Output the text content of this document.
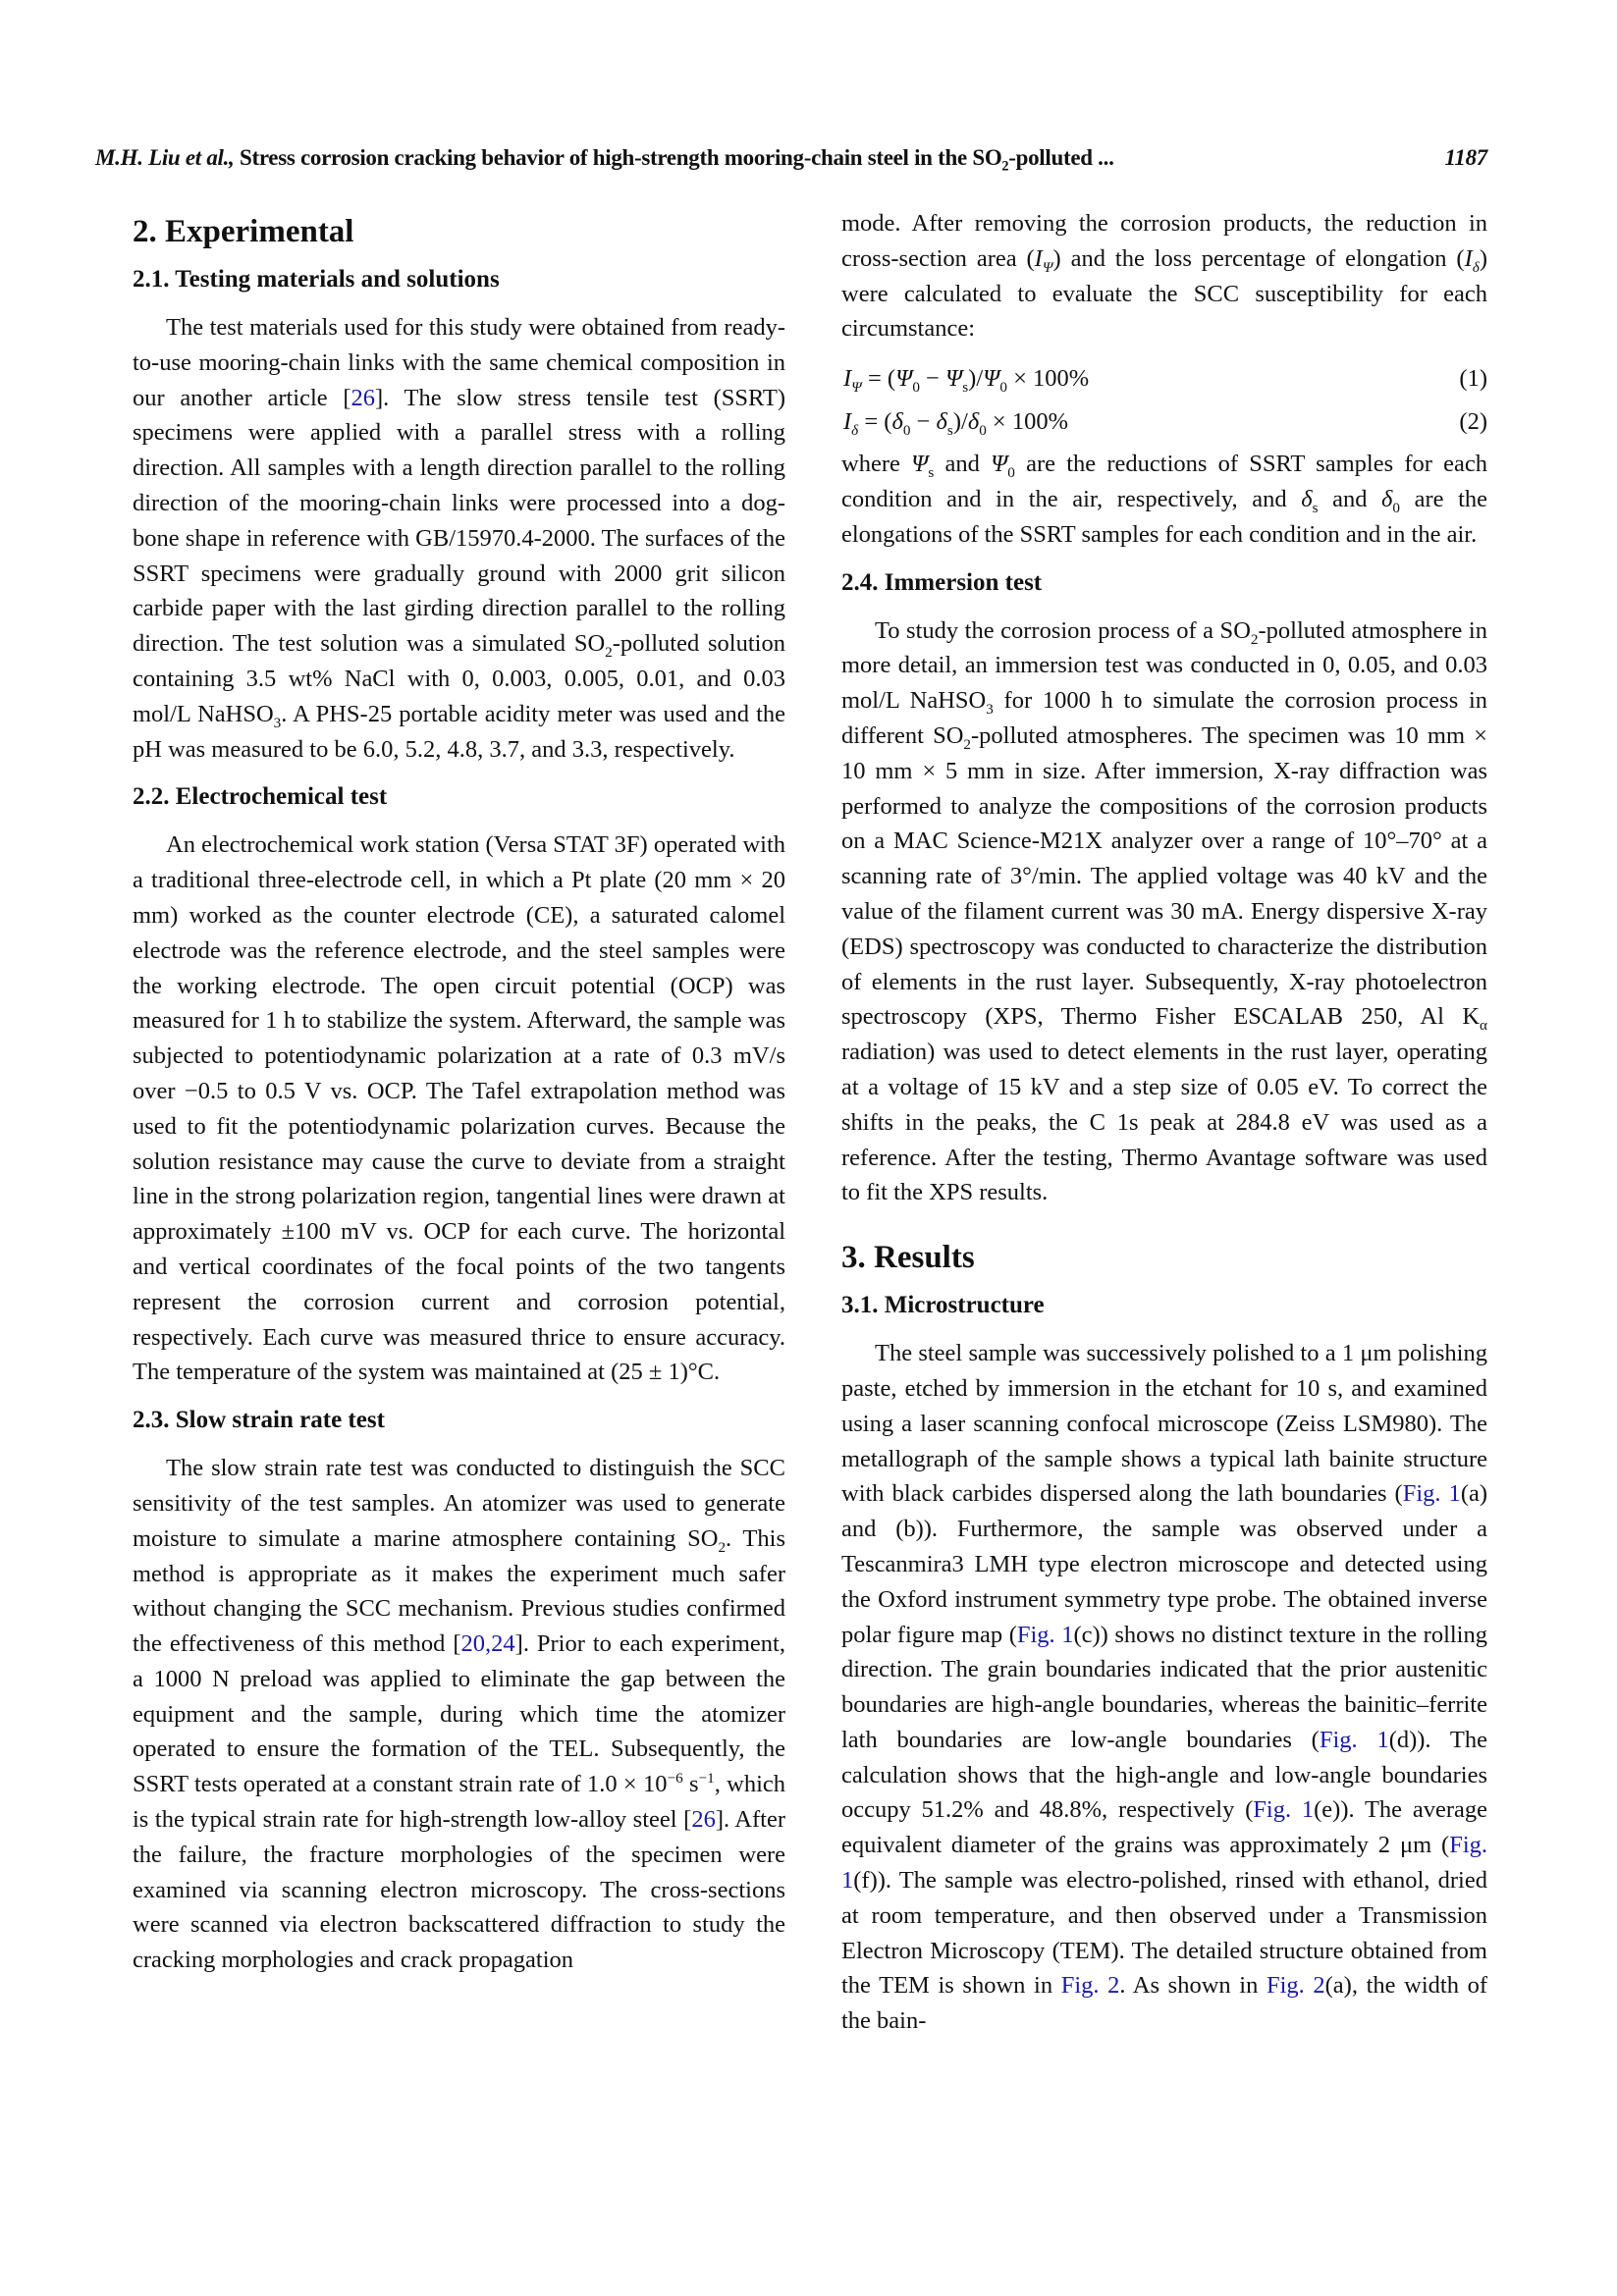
M.H. Liu et al., Stress corrosion cracking behavior of high-strength mooring-chain steel in the $SO_2$-polluted ...	1187
2. Experimental
2.1. Testing materials and solutions

The test materials used for this study were obtained from ready-to-use mooring-chain links with the same chemical composition in our another article [26]. The slow stress tensile test (SSRT) specimens were applied with a parallel stress with a rolling direction. All samples with a length direction parallel to the rolling direction of the mooring-chain links were processed into a dog-bone shape in reference with GB/15970.4-2000. The surfaces of the SSRT specimens were gradually ground with 2000 grit silicon carbide paper with the last girding direction parallel to the rolling direction. The test solution was a simulated $SO_2$-polluted solution containing 3.5 wt% NaCl with 0, 0.003, 0.005, 0.01, and 0.03 mol/L NaHSO$_3$. A PHS-25 portable acidity meter was used and the pH was measured to be 6.0, 5.2, 4.8, 3.7, and 3.3, respectively.

2.2. Electrochemical test

An electrochemical work station (Versa STAT 3F) operated with a traditional three-electrode cell, in which a Pt plate (20 mm × 20 mm) worked as the counter electrode (CE), a saturated calomel electrode was the reference electrode, and the steel samples were the working electrode. The open circuit potential (OCP) was measured for 1 h to stabilize the system. Afterward, the sample was subjected to potentiodynamic polarization at a rate of 0.3 mV/s over −0.5 to 0.5 V vs. OCP. The Tafel extrapolation method was used to fit the potentiodynamic polarization curves. Because the solution resistance may cause the curve to deviate from a straight line in the strong polarization region, tangential lines were drawn at approximately ±100 mV vs. OCP for each curve. The horizontal and vertical coordinates of the focal points of the two tangents represent the corrosion current and corrosion potential, respectively. Each curve was measured thrice to ensure accuracy. The temperature of the system was maintained at (25 ± 1)°C.

2.3. Slow strain rate test

The slow strain rate test was conducted to distinguish the SCC sensitivity of the test samples. An atomizer was used to generate moisture to simulate a marine atmosphere containing $SO_2$. This method is appropriate as it makes the experiment much safer without changing the SCC mechanism. Previous studies confirmed the effectiveness of this method [20,24]. Prior to each experiment, a 1000 N preload was applied to eliminate the gap between the equipment and the sample, during which time the atomizer operated to ensure the formation of the TEL. Subsequently, the SSRT tests operated at a constant strain rate of $1.0 \times 10^{-6}$ $s^{-1}$, which is the typical strain rate for high-strength low-alloy steel [26]. After the failure, the fracture morphologies of the specimen were examined via scanning electron microscopy. The cross-sections were scanned via electron backscattered diffraction to study the cracking morphologies and crack propagation

mode. After removing the corrosion products, the reduction in cross-section area $(I_\Psi)$ and the loss percentage of elongation $(I_\delta)$ were calculated to evaluate the SCC susceptibility for each circumstance:

$I_\Psi = (\Psi_0 - \Psi_s)/\Psi_0 \times 100\%$	(1)
$I_\delta = (\delta_0 - \delta_s)/\delta_0 \times 100\%$	(2)

where $\Psi_s$ and $\Psi_0$ are the reductions of SSRT samples for each condition and in the air, respectively, and $\delta_s$ and $\delta_0$ are the elongations of the SSRT samples for each condition and in the air.

2.4. Immersion test

To study the corrosion process of a $SO_2$-polluted atmosphere in more detail, an immersion test was conducted in 0, 0.05, and 0.03 mol/L NaHSO$_3$ for 1000 h to simulate the corrosion process in different $SO_2$-polluted atmospheres. The specimen was 10 mm × 10 mm × 5 mm in size. After immersion, X-ray diffraction was performed to analyze the compositions of the corrosion products on a MAC Science-M21X analyzer over a range of 10°–70° at a scanning rate of 3°/min. The applied voltage was 40 kV and the value of the filament current was 30 mA. Energy dispersive X-ray (EDS) spectroscopy was conducted to characterize the distribution of elements in the rust layer. Subsequently, X-ray photoelectron spectroscopy (XPS, Thermo Fisher ESCALAB 250, Al $K_\alpha$ radiation) was used to detect elements in the rust layer, operating at a voltage of 15 kV and a step size of 0.05 eV. To correct the shifts in the peaks, the C 1s peak at 284.8 eV was used as a reference. After the testing, Thermo Avantage software was used to fit the XPS results.

3. Results
3.1. Microstructure

The steel sample was successively polished to a 1 μm polishing paste, etched by immersion in the etchant for 10 s, and examined using a laser scanning confocal microscope (Zeiss LSM980). The metallograph of the sample shows a typical lath bainite structure with black carbides dispersed along the lath boundaries (Fig. 1(a) and (b)). Furthermore, the sample was observed under a Tescanmira3 LMH type electron microscope and detected using the Oxford instrument symmetry type probe. The obtained inverse polar figure map (Fig. 1(c)) shows no distinct texture in the rolling direction. The grain boundaries indicated that the prior austenitic boundaries are high-angle boundaries, whereas the bainitic–ferrite lath boundaries are low-angle boundaries (Fig. 1(d)). The calculation shows that the high-angle and low-angle boundaries occupy 51.2% and 48.8%, respectively (Fig. 1(e)). The average equivalent diameter of the grains was approximately 2 μm (Fig. 1(f)). The sample was electro-polished, rinsed with ethanol, dried at room temperature, and then observed under a Transmission Electron Microscopy (TEM). The detailed structure obtained from the TEM is shown in Fig. 2. As shown in Fig. 2(a), the width of the bain-
